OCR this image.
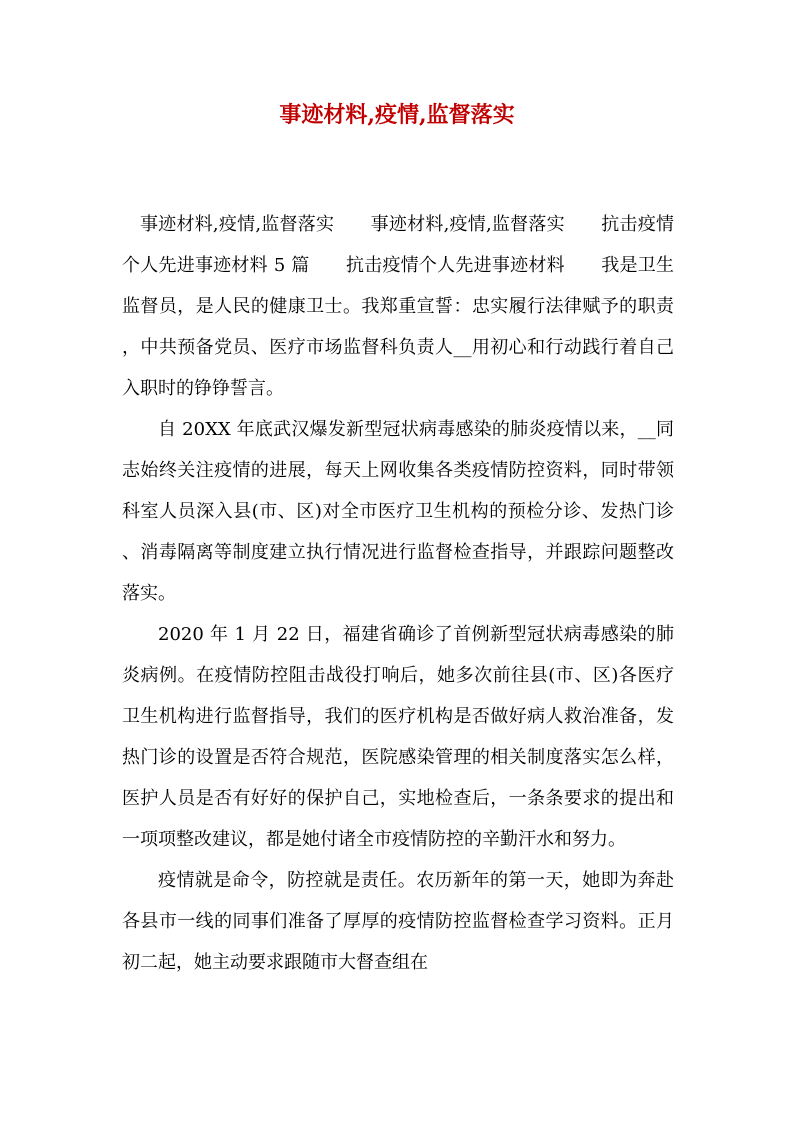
事迹材料,疫情,监督落实

事迹材料,疫情,监督落实　　事迹材料,疫情,监督落实　　抗击疫情个人先进事迹材料 5 篇　　抗击疫情个人先进事迹材料　　我是卫生监督员，是人民的健康卫士。我郑重宣誓：忠实履行法律赋予的职责，中共预备党员、医疗市场监督科负责人__用初心和行动践行着自己入职时的铮铮誓言。

自 20XX 年底武汉爆发新型冠状病毒感染的肺炎疫情以来，__同志始终关注疫情的进展，每天上网收集各类疫情防控资料，同时带领科室人员深入县(市、区)对全市医疗卫生机构的预检分诊、发热门诊、消毒隔离等制度建立执行情况进行监督检查指导，并跟踪问题整改落实。

2020 年 1 月 22 日，福建省确诊了首例新型冠状病毒感染的肺炎病例。在疫情防控阻击战役打响后，她多次前往县(市、区)各医疗卫生机构进行监督指导，我们的医疗机构是否做好病人救治准备，发热门诊的设置是否符合规范，医院感染管理的相关制度落实怎么样，医护人员是否有好好的保护自己，实地检查后，一条条要求的提出和一项项整改建议，都是她付诸全市疫情防控的辛勤汗水和努力。

疫情就是命令，防控就是责任。农历新年的第一天，她即为奔赴各县市一线的同事们准备了厚厚的疫情防控监督检查学习资料。正月初二起，她主动要求跟随市大督查组在
